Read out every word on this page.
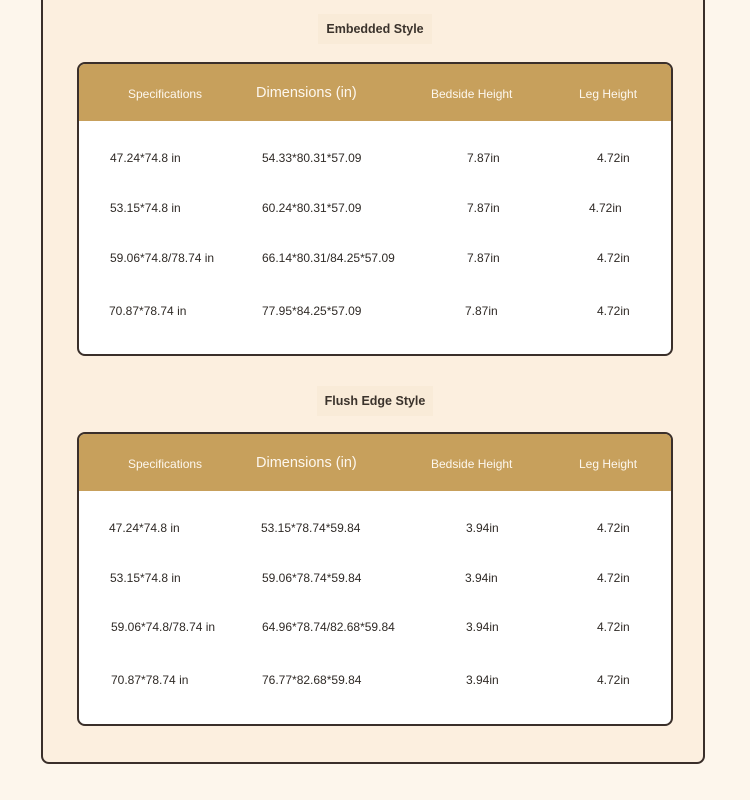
Embedded Style
Specifications	Dimensions (in)	Bedside Height	Leg Height
47.24*74.8 in	54.33*80.31*57.09	7.87in	4.72in
53.15*74.8 in	60.24*80.31*57.09	7.87in	4.72in
59.06*74.8/78.74 in	66.14*80.31/84.25*57.09	7.87in	4.72in
70.87*78.74 in	77.95*84.25*57.09	7.87in	4.72in
Flush Edge Style
Specifications	Dimensions (in)	Bedside Height	Leg Height
47.24*74.8 in	53.15*78.74*59.84	3.94in	4.72in
53.15*74.8 in	59.06*78.74*59.84	3.94in	4.72in
59.06*74.8/78.74 in	64.96*78.74/82.68*59.84	3.94in	4.72in
70.87*78.74 in	76.77*82.68*59.84	3.94in	4.72in
